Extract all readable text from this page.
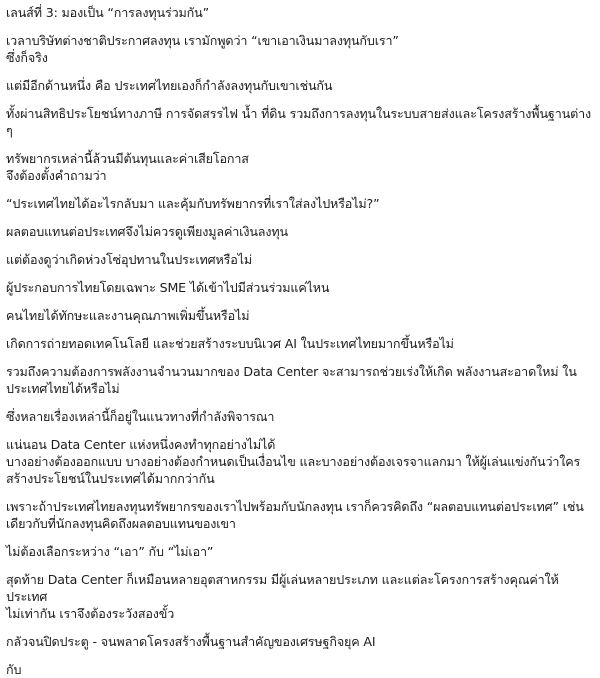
เลนส์ที่ 3: มองเป็น “การลงทุนร่วมกัน”

เวลาบริษัทต่างชาติประกาศลงทุน เรามักพูดว่า “เขาเอาเงินมาลงทุนกับเรา”
ซึ่งก็จริง

แต่มีอีกด้านหนึ่ง คือ ประเทศไทยเองก็กำลังลงทุนกับเขาเช่นกัน

ทั้งผ่านสิทธิประโยชน์ทางภาษี การจัดสรรไฟ น้ำ ที่ดิน รวมถึงการลงทุนในระบบสายส่งและโครงสร้างพื้นฐานต่าง
ๆ

ทรัพยากรเหล่านี้ล้วนมีต้นทุนและค่าเสียโอกาส
จึงต้องตั้งคำถามว่า

“ประเทศไทยได้อะไรกลับมา และคุ้มกับทรัพยากรที่เราใส่ลงไปหรือไม่?”

ผลตอบแทนต่อประเทศจึงไม่ควรดูเพียงมูลค่าเงินลงทุน

แต่ต้องดูว่าเกิดห่วงโซ่อุปทานในประเทศหรือไม่

ผู้ประกอบการไทยโดยเฉพาะ SME ได้เข้าไปมีส่วนร่วมแค่ไหน

คนไทยได้ทักษะและงานคุณภาพเพิ่มขึ้นหรือไม่

เกิดการถ่ายทอดเทคโนโลยี และช่วยสร้างระบบนิเวศ AI ในประเทศไทยมากขึ้นหรือไม่

รวมถึงความต้องการพลังงานจำนวนมากของ Data Center จะสามารถช่วยเร่งให้เกิด พลังงานสะอาดใหม่ ใน
ประเทศไทยได้หรือไม่

ซึ่งหลายเรื่องเหล่านี้ก็อยู่ในแนวทางที่กำลังพิจารณา

แน่นอน Data Center แห่งหนึ่งคงทำทุกอย่างไม่ได้
บางอย่างต้องออกแบบ บางอย่างต้องกำหนดเป็นเงื่อนไข และบางอย่างต้องเจรจาแลกมา ให้ผู้เล่นแข่งกันว่าใคร
สร้างประโยชน์ในประเทศได้มากกว่ากัน

เพราะถ้าประเทศไทยลงทุนทรัพยากรของเราไปพร้อมกับนักลงทุน เราก็ควรคิดถึง “ผลตอบแทนต่อประเทศ” เช่น
เดียวกับที่นักลงทุนคิดถึงผลตอบแทนของเขา

ไม่ต้องเลือกระหว่าง “เอา” กับ “ไม่เอา”

สุดท้าย Data Center ก็เหมือนหลายอุตสาหกรรม มีผู้เล่นหลายประเภท และแต่ละโครงการสร้างคุณค่าให้ประเทศ
ไม่เท่ากัน เราจึงต้องระวังสองขั้ว

กลัวจนปิดประตู - จนพลาดโครงสร้างพื้นฐานสำคัญของเศรษฐกิจยุค AI

กับ
